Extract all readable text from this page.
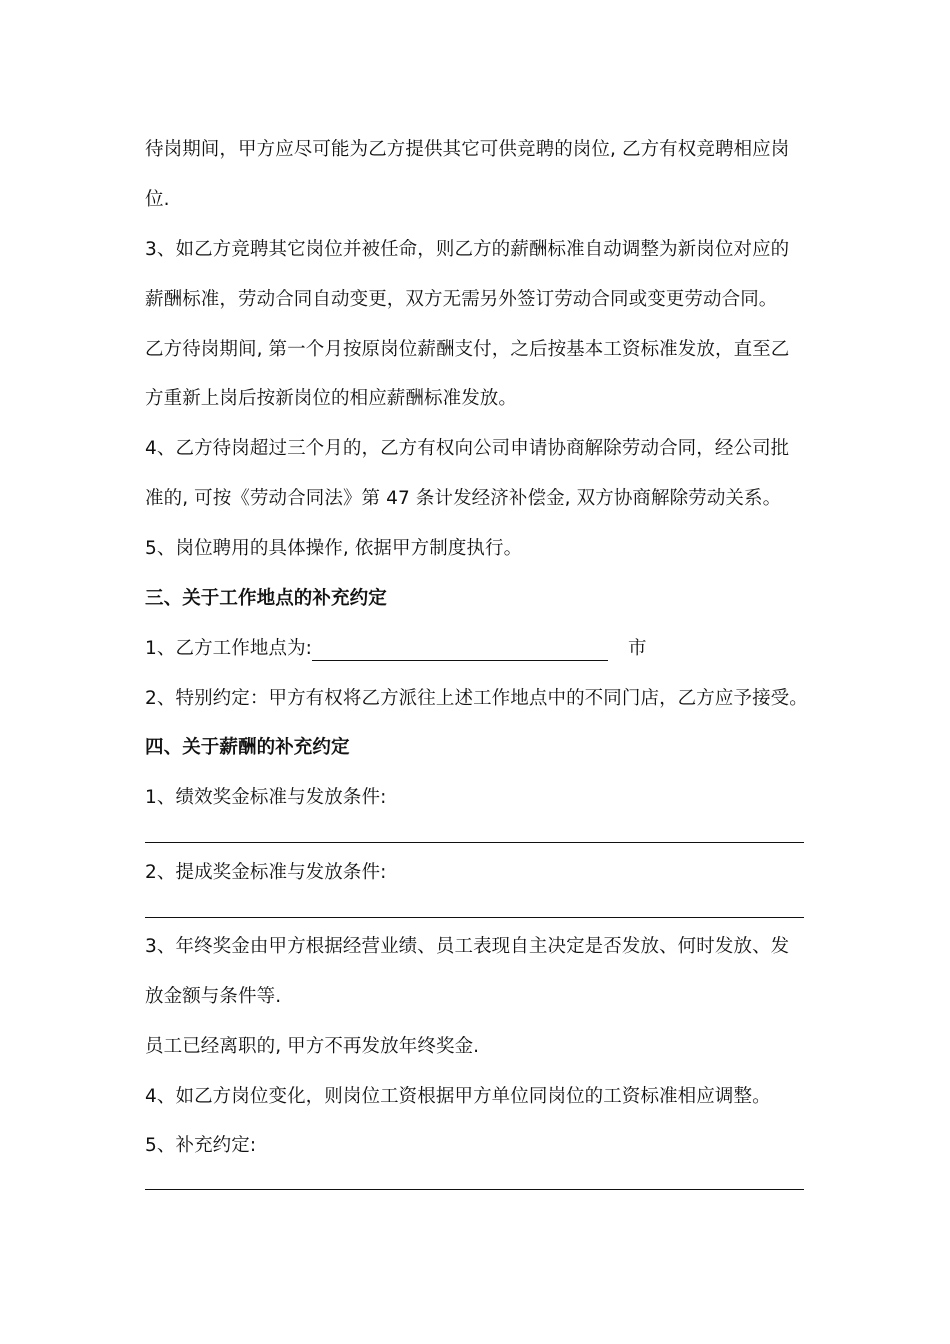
待岗期间，甲方应尽可能为乙方提供其它可供竞聘的岗位, 乙方有权竞聘相应岗
位.
3、如乙方竞聘其它岗位并被任命，则乙方的薪酬标准自动调整为新岗位对应的
薪酬标准，劳动合同自动变更，双方无需另外签订劳动合同或变更劳动合同。
乙方待岗期间, 第一个月按原岗位薪酬支付，之后按基本工资标准发放，直至乙
方重新上岗后按新岗位的相应薪酬标准发放。
4、乙方待岗超过三个月的，乙方有权向公司申请协商解除劳动合同，经公司批
准的, 可按《劳动合同法》第 47 条计发经济补偿金, 双方协商解除劳动关系。
5、岗位聘用的具体操作, 依据甲方制度执行。
三、关于工作地点的补充约定
1、乙方工作地点为:	市
2、特别约定：甲方有权将乙方派往上述工作地点中的不同门店，乙方应予接受。
四、关于薪酬的补充约定
1、绩效奖金标准与发放条件:
2、提成奖金标准与发放条件:
3、年终奖金由甲方根据经营业绩、员工表现自主决定是否发放、何时发放、发
放金额与条件等.
员工已经离职的, 甲方不再发放年终奖金.
4、如乙方岗位变化，则岗位工资根据甲方单位同岗位的工资标准相应调整。
5、补充约定:
